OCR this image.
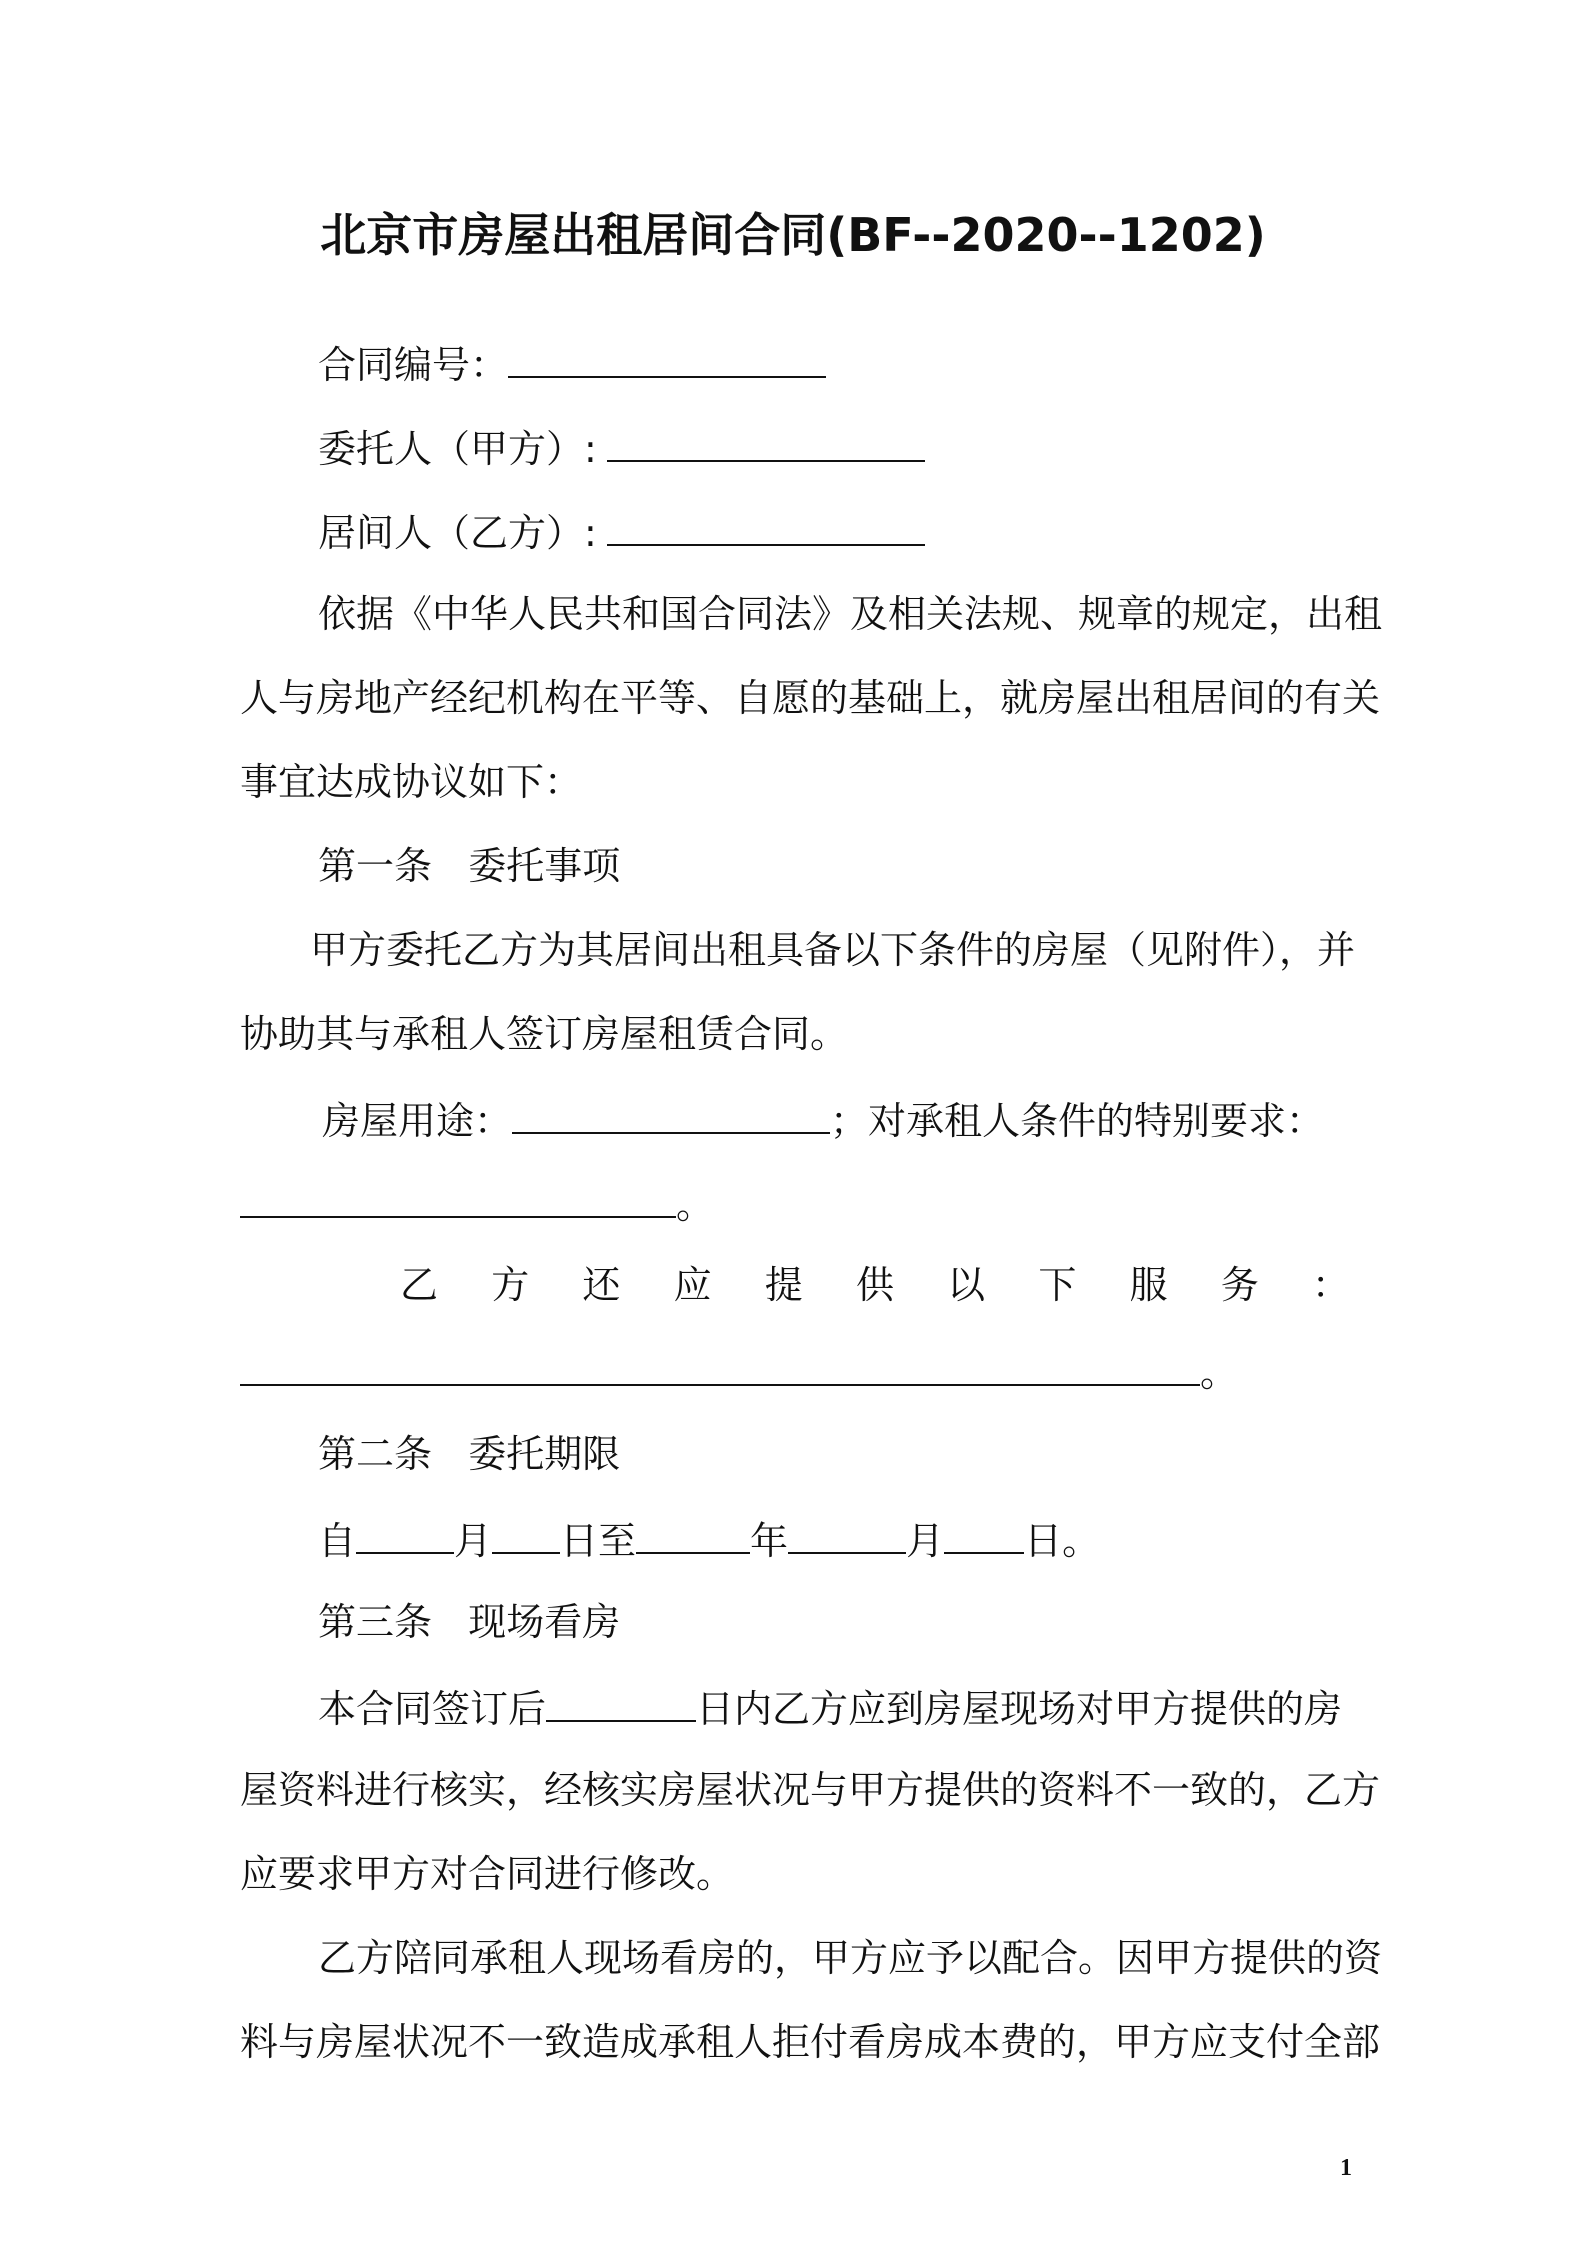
北京市房屋出租居间合同(BF--2020--1202)
合同编号：
委托人（甲方）:
居间人（乙方）:
依据《中华人民共和国合同法》及相关法规、规章的规定，出租
人与房地产经纪机构在平等、自愿的基础上，就房屋出租居间的有关
事宜达成协议如下：
第一条   委托事项
甲方委托乙方为其居间出租具备以下条件的房屋（见附件），并
协助其与承租人签订房屋租赁合同。
房屋用途：	；对承租人条件的特别要求：
。
乙 方 还 应 提 供 以 下 服 务 ：
。
第二条   委托期限
自	月 日至	年	月 日。
第三条   现场看房
本合同签订后	日内乙方应到房屋现场对甲方提供的房
屋资料进行核实，经核实房屋状况与甲方提供的资料不一致的，乙方
应要求甲方对合同进行修改。
乙方陪同承租人现场看房的，甲方应予以配合。因甲方提供的资
料与房屋状况不一致造成承租人拒付看房成本费的，甲方应支付全部
1
